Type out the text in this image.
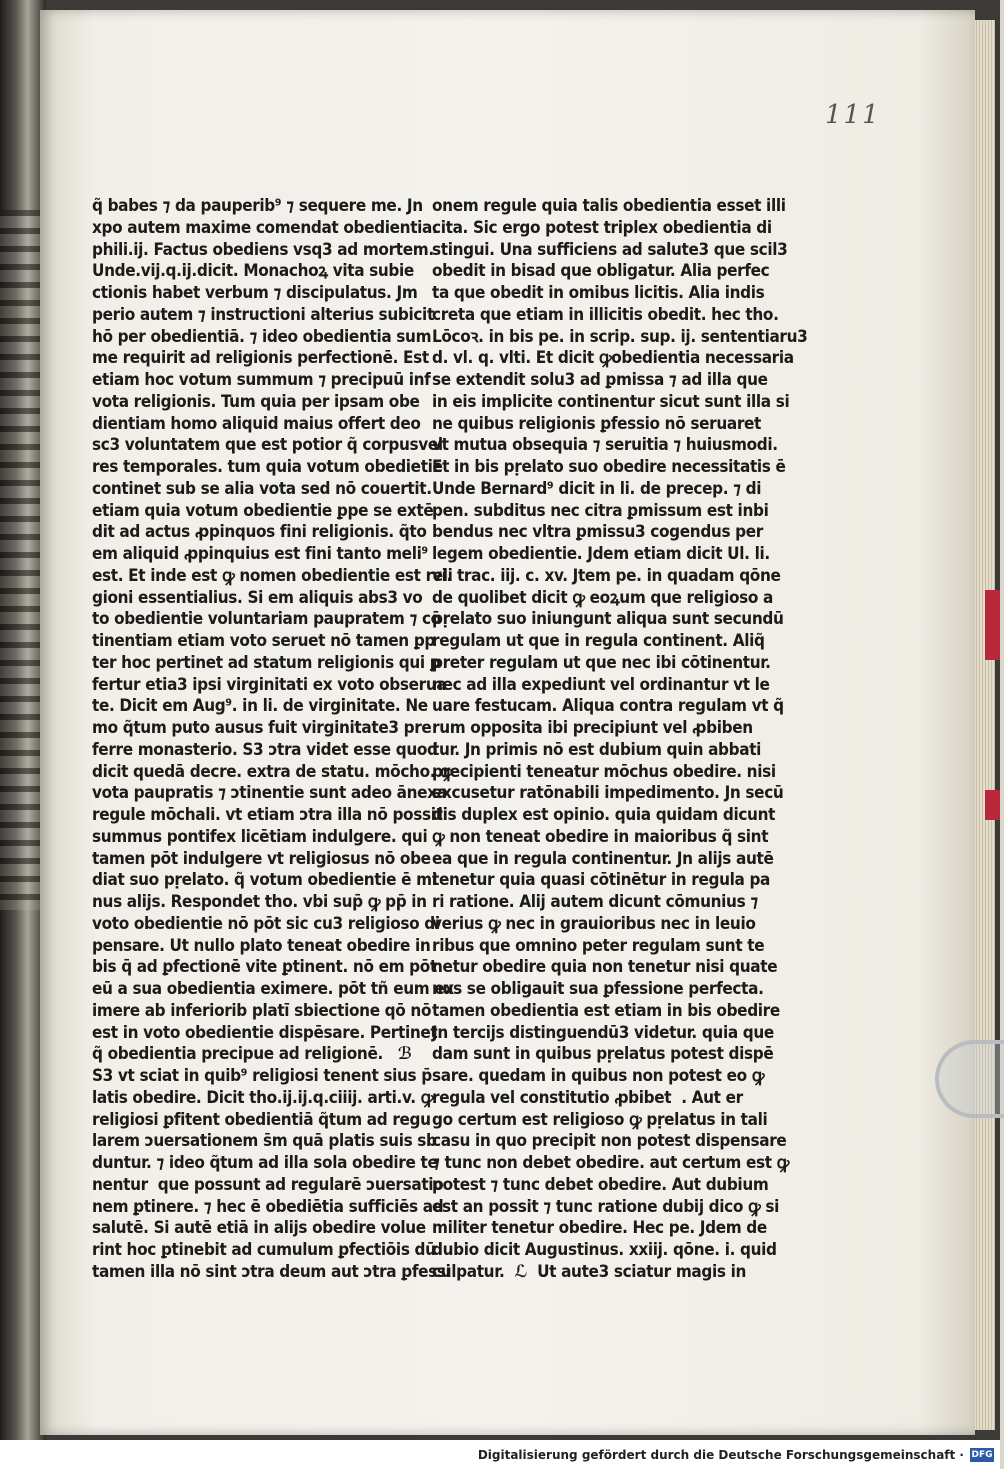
111
q̃ babes ⁊ da pauperib⁹ ⁊ sequere me. Jn
xpo autem maxime comendat obedientia.
phili.ij. Factus obediens vsq3 ad mortem.
Unde.vij.q.ij.dicit. Monachoꝝ vita subie
ctionis habet verbum ⁊ discipulatus. Jm
perio autem ⁊ instructioni alterius subicit
hō per obedientiā. ⁊ ideo obedientia sum
me requirit ad religionis perfectionē. Est
etiam hoc votum summum ⁊ precipuū inf
vota religionis. Tum quia per ipsam obe
dientiam homo aliquid maius offert deo
sc3 voluntatem que est potior q̃ corpusvel
res temporales. tum quia votum obedietie
continet sub se alia vota sed nō couertit.
etiam quia votum obedientie ꝑpe se extē
dit ad actus ꝓpinquos fini religionis. q̃to
em aliquid ꝓpinquius est fini tanto meli⁹
est. Et inde est ꝙ nomen obedientie est reli
gioni essentialius. Si em aliquis abs3 vo
to obedientie voluntariam paupratem ⁊ cō
tinentiam etiam voto seruet nō tamen ꝑp
ter hoc pertinet ad statum religionis qui ꝑ
fertur etia3 ipsi virginitati ex voto obserua
te. Dicit em Aug⁹. in li. de virginitate. Ne
mo q̃tum puto ausus fuit virginitate3 pre
ferre monasterio. S3 ↄtra videt esse quod
dicit quedā decre. extra de statu. mōcho. ꝙ
vota paupratis ⁊ ↄtinentie sunt adeo ānexa
regule mōchali. vt etiam ↄtra illa nō possit
summus pontifex licētiam indulgere. qui
tamen pōt indulgere vt religiosus nō obe
diat suo pṛelato. q̃ votum obedientie ē mi
nus alijs. Respondet tho. vbi sup̄ ꝙ pp̄ in
voto obedientie nō pōt sic cu3 religioso di
pensare. Ut nullo plato teneat obedire in
bis q̄ ad ꝑfectionē vite ꝑtinent. nō em pōt
eū a sua obedientia eximere. pōt tñ eum ex
imere ab inferiorib platī sbiectione qō nō
est in voto obedientie dispēsare. Pertinet
q̃ obedientia precipue ad religionē.   ℬ
S3 vt sciat in quib⁹ religiosi tenent sius p̄
latis obedire. Dicit tho.ij.ij.q.ciiij. arti.v. ꝙ
religiosi ꝑfitent obedientiā q̃tum ad regu
larem ↄuersationem s̄m quā platis suis sb
duntur. ⁊ ideo q̃tum ad illa sola obedire te
nentur  que possunt ad regularē ↄuersatio
nem ꝑtinere. ⁊ hec ē obediētia sufficiēs ad
salutē. Si autē etiā in alijs obedire volue
rint hoc ꝑtinebit ad cumulum ꝑfectiōis dū
tamen illa nō sint ↄtra deum aut ↄtra ꝑfessi
onem regule quia talis obedientia esset illi
cita. Sic ergo potest triplex obedientia di
stingui. Una sufficiens ad salute3 que scil3
obedit in bisad que obligatur. Alia perfec
ta que obedit in omibus licitis. Alia indis
creta que etiam in illicitis obedit. hec tho.
Lōcoꝛ. in bis pe. in scrip. sup. ij. sententiaru3
d. vl. q. vlti. Et dicit ꝙobedientia necessaria
se extendit solu3 ad ꝑmissa ⁊ ad illa que
in eis implicite continentur sicut sunt illa si
ne quibus religionis ꝑfessio nō seruaret
vt mutua obsequia ⁊ seruitia ⁊ huiusmodi.
Et in bis pṛelato suo obedire necessitatis ē
Unde Bernard⁹ dicit in li. de precep. ⁊ di
pen. subditus nec citra ꝑmissum est inbi
bendus nec vltra ꝑmissu3 cogendus per
legem obedientie. Jdem etiam dicit Ul. li.
vi. trac. iij. c. xv. Jtem pe. in quadam qōne
de quolibet dicit ꝙ eoꝝum que religioso a
pṛelato suo iniungunt aliqua sunt secundū
regulam ut que in regula continent. Aliq̃
preter regulam ut que nec ibi cōtinentur.
nec ad illa expediunt vel ordinantur vt le
uare festucam. Aliqua contra regulam vt q̃
rum opposita ibi precipiunt vel ꝓbiben
tur. Jn primis nō est dubium quin abbati
precipienti teneatur mōchus obedire. nisi
excusetur ratōnabili impedimento. Jn secū
dis duplex est opinio. quia quidam dicunt
ꝙ non teneat obedire in maioribus q̃ sint
ea que in regula continentur. Jn alijs autē
tenetur quia quasi cōtinētur in regula pa
ri ratione. Alij autem dicunt cōmunius ⁊
verius ꝙ nec in grauioribus nec in leuio
ribus que omnino peter regulam sunt te
netur obedire quia non tenetur nisi quate
nus se obligauit sua ꝑfessione perfecta.
tamen obedientia est etiam in bis obedire
Jn tercijs distinguendū3 videtur. quia que
dam sunt in quibus pṛelatus potest dispē
sare. quedam in quibus non potest eo ꝙ
regula vel constitutio ꝓbibet  . Aut er
go certum est religioso ꝙ pṛelatus in tali
casu in quo precipit non potest dispensare
⁊ tunc non debet obedire. aut certum est ꝙ
potest ⁊ tunc debet obedire. Aut dubium
est an possit ⁊ tunc ratione dubij dico ꝙ si
militer tenetur obedire. Hec pe. Jdem de
dubio dicit Augustinus. xxiij. qōne. i. quid
culpatur.  ℒ  Ut aute3 sciatur magis in
Digitalisierung gefördert durch die Deutsche Forschungsgemeinschaft · DFG
